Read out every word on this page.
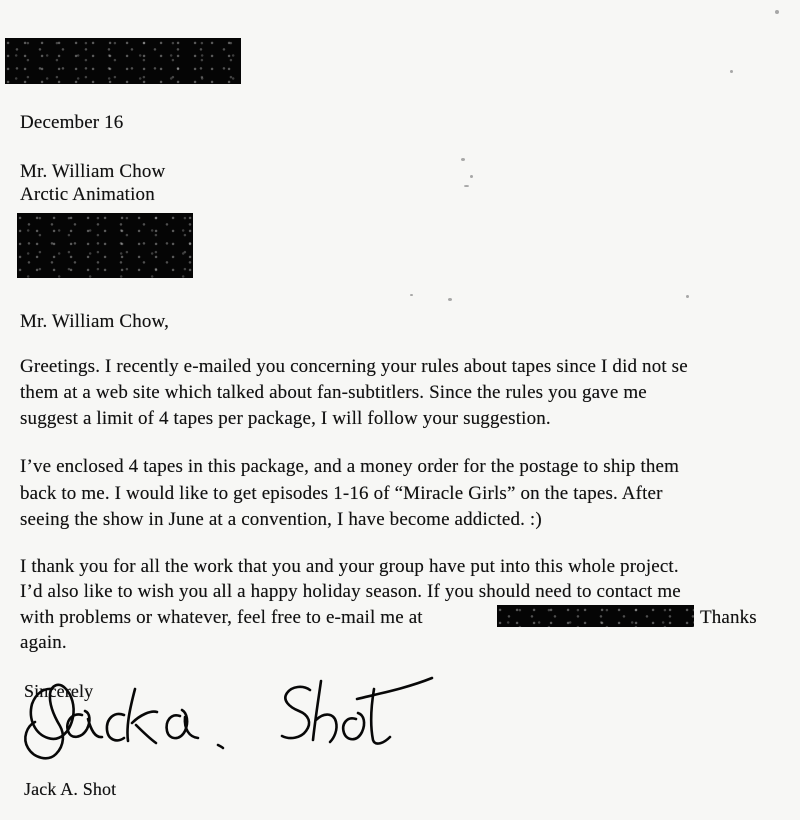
December 16

Mr. William Chow

Arctic Animation

Mr. William Chow,

Greetings. I recently e-mailed you concerning your rules about tapes since I did not se

them at a web site which talked about fan-subtitlers. Since the rules you gave me

suggest a limit of 4 tapes per package, I will follow your suggestion.

I’ve enclosed 4 tapes in this package, and a money order for the postage to ship them

back to me. I would like to get episodes 1-16 of “Miracle Girls” on the tapes. After

seeing the show in June at a convention, I have become addicted. :)

I thank you for all the work that you and your group have put into this whole project.

I’d also like to wish you all a happy holiday season. If you should need to contact me

with problems or whatever, feel free to e-mail me at	Thanks

again.

Sincerely

Jack A. Shot
